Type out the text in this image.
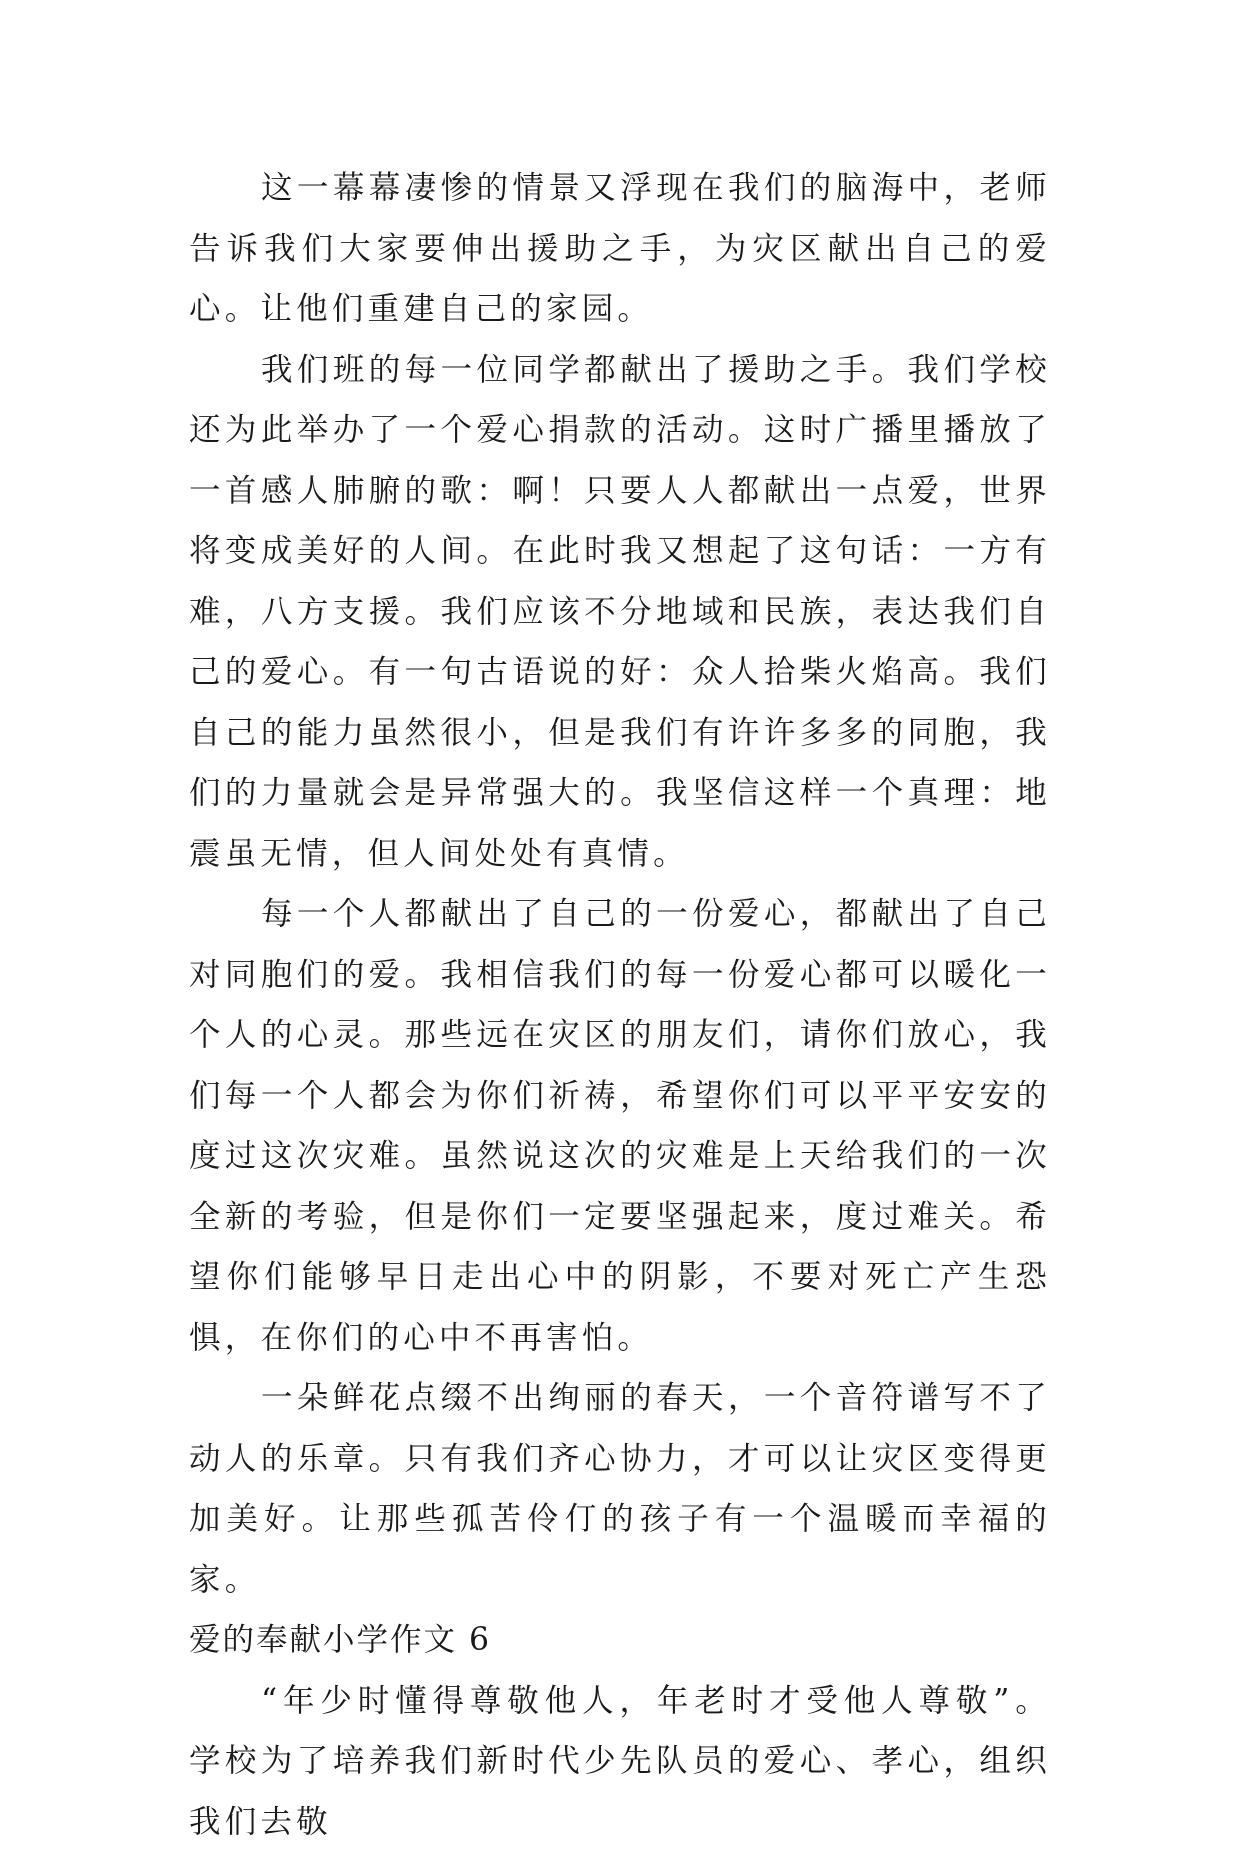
这一幕幕凄惨的情景又浮现在我们的脑海中，老师告诉我们大家要伸出援助之手，为灾区献出自己的爱心。让他们重建自己的家园。

我们班的每一位同学都献出了援助之手。我们学校还为此举办了一个爱心捐款的活动。这时广播里播放了一首感人肺腑的歌：啊！只要人人都献出一点爱，世界将变成美好的人间。在此时我又想起了这句话：一方有难，八方支援。我们应该不分地域和民族，表达我们自己的爱心。有一句古语说的好：众人拾柴火焰高。我们自己的能力虽然很小，但是我们有许许多多的同胞，我们的力量就会是异常强大的。我坚信这样一个真理：地震虽无情，但人间处处有真情。

每一个人都献出了自己的一份爱心，都献出了自己对同胞们的爱。我相信我们的每一份爱心都可以暖化一个人的心灵。那些远在灾区的朋友们，请你们放心，我们每一个人都会为你们祈祷，希望你们可以平平安安的度过这次灾难。虽然说这次的灾难是上天给我们的一次全新的考验，但是你们一定要坚强起来，度过难关。希望你们能够早日走出心中的阴影，不要对死亡产生恐惧，在你们的心中不再害怕。

一朵鲜花点缀不出绚丽的春天，一个音符谱写不了动人的乐章。只有我们齐心协力，才可以让灾区变得更加美好。让那些孤苦伶仃的孩子有一个温暖而幸福的家。

爱的奉献小学作文 6

“年少时懂得尊敬他人，年老时才受他人尊敬”。学校为了培养我们新时代少先队员的爱心、孝心，组织我们去敬
